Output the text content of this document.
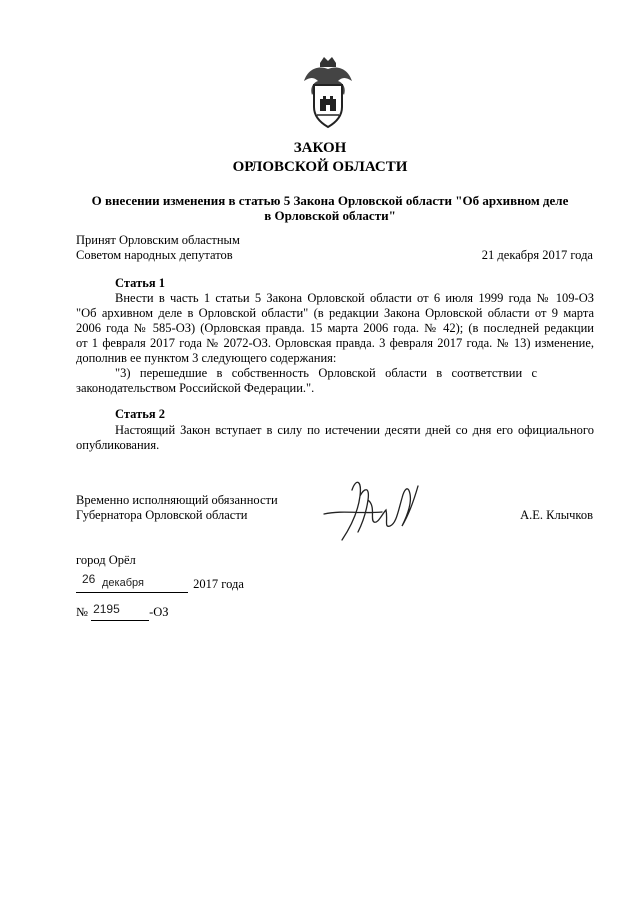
ЗАКОН
ОРЛОВСКОЙ ОБЛАСТИ
О внесении изменения в статью 5 Закона Орловской области "Об архивном деле
в Орловской области"
Принят Орловским областным
Советом народных депутатов	21 декабря 2017 года
Статья 1
Внести в часть 1 статьи 5 Закона Орловской области от 6 июля 1999 года № 109-ОЗ
"Об архивном деле в Орловской области" (в редакции Закона Орловской области от 9 марта
2006 года № 585-ОЗ) (Орловская правда. 15 марта 2006 года. № 42); (в последней редакции
от 1 февраля 2017 года № 2072-ОЗ. Орловская правда. 3 февраля 2017 года. № 13) изменение,
дополнив ее пунктом 3 следующего содержания:
"3)   перешедшие   в   собственность   Орловской   области   в   соответствии   с
законодательством Российской Федерации.".
Статья 2
Настоящий Закон вступает в силу по истечении десяти дней со дня его официального
опубликования.
Временно исполняющий обязанности
Губернатора Орловской области	А.Е. Клычков
город Орёл
26 декабря	2017 года
№ 2195 -ОЗ
